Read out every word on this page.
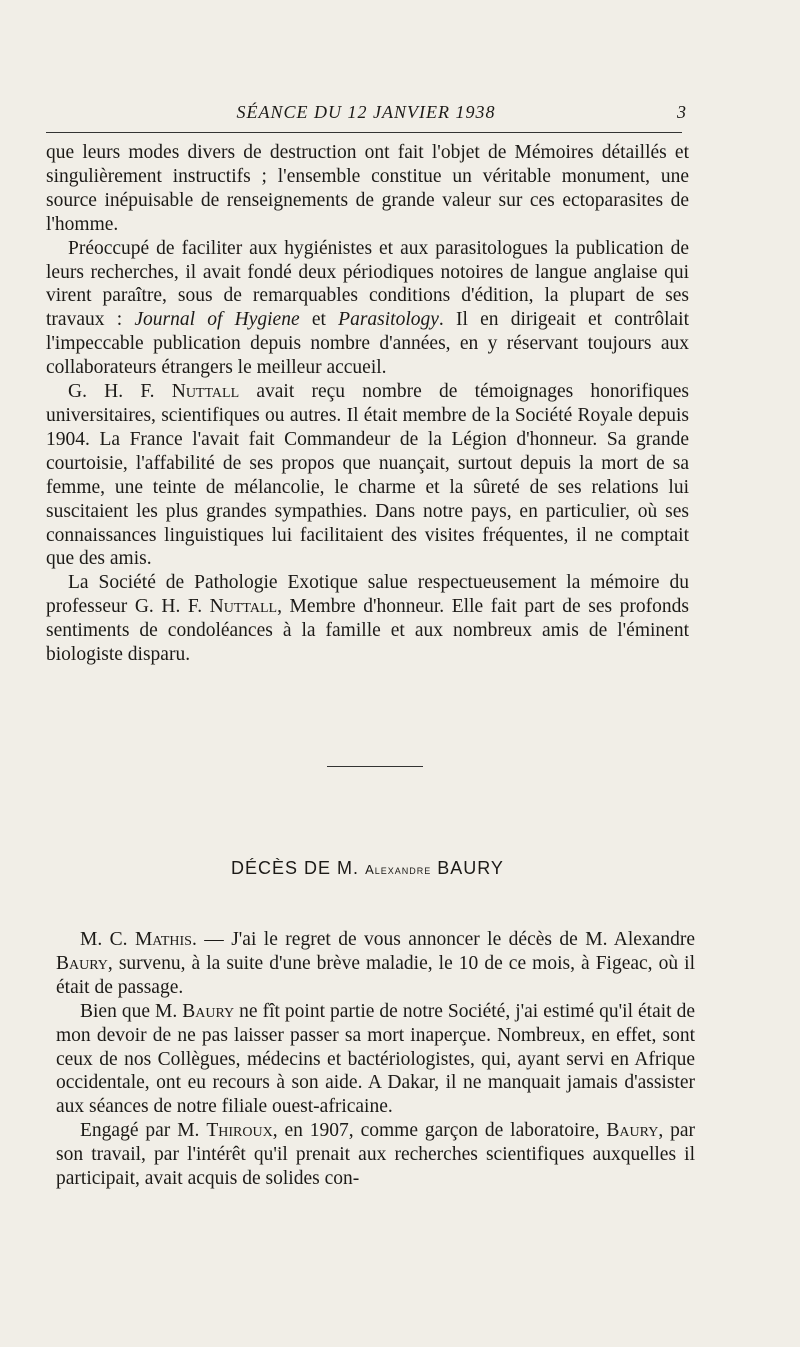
SÉANCE DU 12 JANVIER 1938	3

que leurs modes divers de destruction ont fait l'objet de Mémoires détaillés et singulièrement instructifs ; l'ensemble constitue un véritable monument, une source inépuisable de renseignements de grande valeur sur ces ectoparasites de l'homme.

Préoccupé de faciliter aux hygiénistes et aux parasitologues la publication de leurs recherches, il avait fondé deux périodiques notoires de langue anglaise qui virent paraître, sous de remarquables conditions d'édition, la plupart de ses travaux : Journal of Hygiene et Parasitology. Il en dirigeait et contrôlait l'impeccable publication depuis nombre d'années, en y réservant toujours aux collaborateurs étrangers le meilleur accueil.

G. H. F. Nuttall avait reçu nombre de témoignages honorifiques universitaires, scientifiques ou autres. Il était membre de la Société Royale depuis 1904. La France l'avait fait Commandeur de la Légion d'honneur. Sa grande courtoisie, l'affabilité de ses propos que nuançait, surtout depuis la mort de sa femme, une teinte de mélancolie, le charme et la sûreté de ses relations lui suscitaient les plus grandes sympathies. Dans notre pays, en particulier, où ses connaissances linguistiques lui facilitaient des visites fréquentes, il ne comptait que des amis.

La Société de Pathologie Exotique salue respectueusement la mémoire du professeur G. H. F. Nuttall, Membre d'honneur. Elle fait part de ses profonds sentiments de condoléances à la famille et aux nombreux amis de l'éminent biologiste disparu.

DÉCÈS DE M. Alexandre BAURY

M. C. Mathis. — J'ai le regret de vous annoncer le décès de M. Alexandre Baury, survenu, à la suite d'une brève maladie, le 10 de ce mois, à Figeac, où il était de passage.

Bien que M. Baury ne fît point partie de notre Société, j'ai estimé qu'il était de mon devoir de ne pas laisser passer sa mort inaperçue. Nombreux, en effet, sont ceux de nos Collègues, médecins et bactériologistes, qui, ayant servi en Afrique occidentale, ont eu recours à son aide. A Dakar, il ne manquait jamais d'assister aux séances de notre filiale ouest-africaine.

Engagé par M. Thiroux, en 1907, comme garçon de laboratoire, Baury, par son travail, par l'intérêt qu'il prenait aux recherches scientifiques auxquelles il participait, avait acquis de solides con-
